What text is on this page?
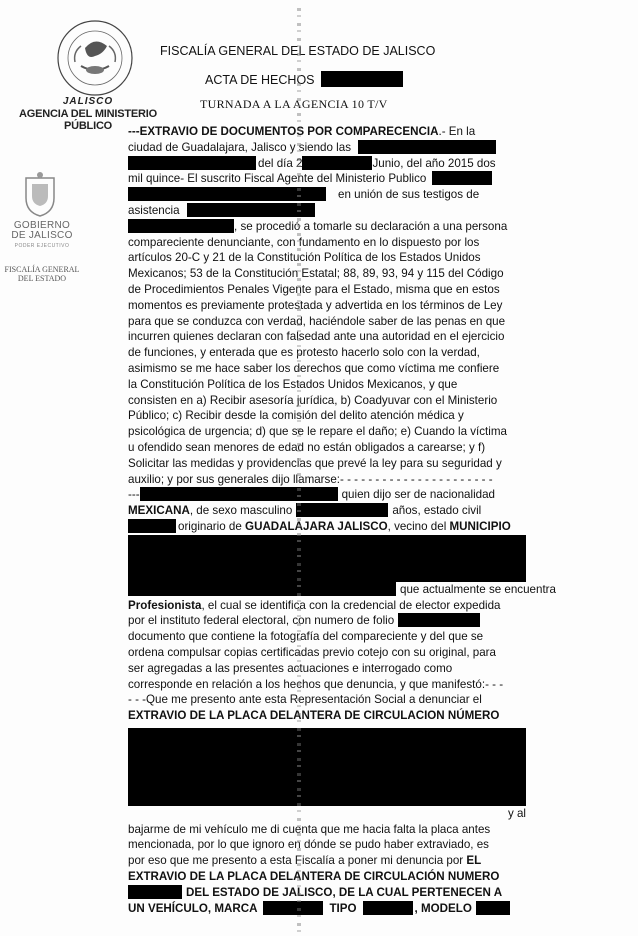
JALISCO
AGENCIA DEL MINISTERIO
PÚBLICO
GOBIERNO
DE JALISCO
PODER EJECUTIVO
FISCALÍA GENERAL
DEL ESTADO
FISCALÍA GENERAL DEL ESTADO DE JALISCO
ACTA DE HECHOS
TURNADA A LA AGENCIA 10 T/V
---EXTRAVIO DE DOCUMENTOS POR COMPARECENCIA.- En la
ciudad de Guadalajara, Jalisco y siendo las
del día 2	Junio, del año 2015 dos
mil quince- El suscrito Fiscal Agente del Ministerio Publico
en unión de sus testigos de
asistencia
, se procedió a tomarle su declaración a una persona
compareciente denunciante, con fundamento en lo dispuesto por los
artículos 20-C y 21 de la Constitución Política de los Estados Unidos
Mexicanos; 53 de la Constitución Estatal; 88, 89, 93, 94 y 115 del Código
de Procedimientos Penales Vigente para el Estado, misma que en estos
momentos es previamente protestada y advertida en los términos de Ley
para que se conduzca con verdad, haciéndole saber de las penas en que
incurren quienes declaran con falsedad ante una autoridad en el ejercicio
de funciones, y enterada que es protesto hacerlo solo con la verdad,
asimismo se me hace saber los derechos que como víctima me confiere
la Constitución Política de los Estados Unidos Mexicanos, y que
consisten en a) Recibir asesoría jurídica, b) Coadyuvar con el Ministerio
Público; c) Recibir desde la comisión del delito atención médica y
psicológica de urgencia; d) que se le repare el daño; e) Cuando la víctima
u ofendido sean menores de edad no están obligados a carearse; y f)
Solicitar las medidas y providencias que prevé la ley para su seguridad y
auxilio; y por sus generales dijo llamarse:- - - - - - - - - - - - - - - - - - - - - -
---	quien dijo ser de nacionalidad
MEXICANA, de sexo masculino	años, estado civil
originario de GUADALAJARA JALISCO, vecino del MUNICIPIO
que actualmente se encuentra
Profesionista, el cual se identifica con la credencial de elector expedida
por el instituto federal electoral, con numero de folio
documento que contiene la fotografía del compareciente y del que se
ordena compulsar copias certificadas previo cotejo con su original, para
ser agregadas a las presentes actuaciones e interrogado como
corresponde en relación a los hechos que denuncia, y que manifestó:- - -
- - -Que me presento ante esta Representación Social a denunciar el
EXTRAVIO DE LA PLACA DELANTERA DE CIRCULACION NÚMERO
y al
bajarme de mi vehículo me di cuenta que me hacia falta la placa antes
mencionada, por lo que ignoro en dónde se pudo haber extraviado, es
por eso que me presento a esta Fiscalía a poner mi denuncia por EL
EXTRAVIO DE LA PLACA DELANTERA DE CIRCULACIÓN NUMERO
DEL ESTADO DE JALISCO, DE LA CUAL PERTENECEN A
UN VEHÍCULO, MARCA	TIPO	, MODELO
